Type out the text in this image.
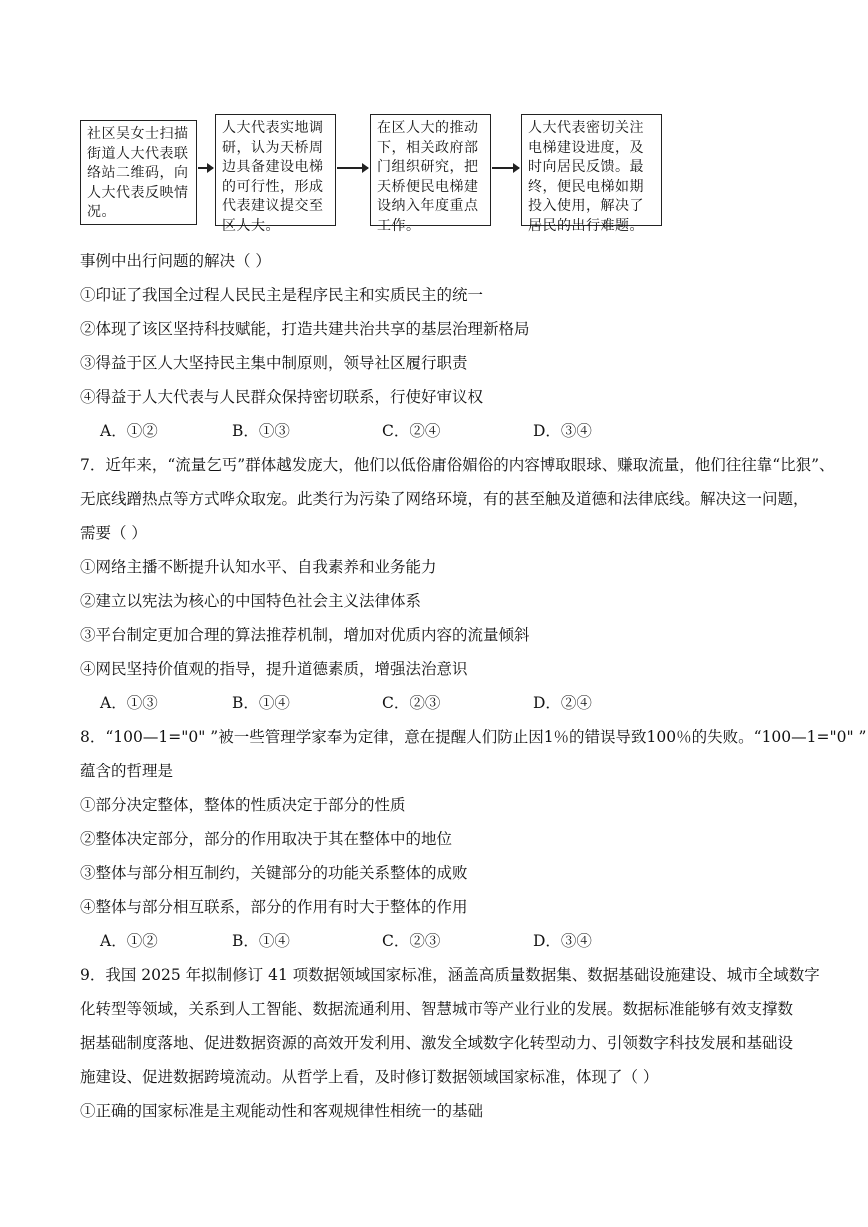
社区吴女士扫描街道人大代表联络站二维码，向人大代表反映情况。
人大代表实地调研，认为天桥周边具备建设电梯的可行性，形成代表建议提交至区人大。
在区人大的推动下，相关政府部门组织研究，把天桥便民电梯建设纳入年度重点工作。
人大代表密切关注电梯建设进度，及时向居民反馈。最终，便民电梯如期投入使用，解决了居民的出行难题。
事例中出行问题的解决（ ）
①印证了我国全过程人民民主是程序民主和实质民主的统一
②体现了该区坚持科技赋能，打造共建共治共享的基层治理新格局
③得益于区人大坚持民主集中制原则，领导社区履行职责
④得益于人大代表与人民群众保持密切联系，行使好审议权
A．①②	B．①③	C．②④	D．③④
7．近年来，“流量乞丐”群体越发庞大，他们以低俗庸俗媚俗的内容博取眼球、赚取流量，他们往往靠“比狠”、
无底线蹭热点等方式哗众取宠。此类行为污染了网络环境，有的甚至触及道德和法律底线。解决这一问题，
需要（ ）
①网络主播不断提升认知水平、自我素养和业务能力
②建立以宪法为核心的中国特色社会主义法律体系
③平台制定更加合理的算法推荐机制，增加对优质内容的流量倾斜
④网民坚持价值观的指导，提升道德素质，增强法治意识
A．①③	B．①④	C．②③	D．②④
8．“100—1="0" ”被一些管理学家奉为定律，意在提醒人们防止因1％的错误导致100％的失败。“100—1="0" ”
蕴含的哲理是
①部分决定整体，整体的性质决定于部分的性质
②整体决定部分，部分的作用取决于其在整体中的地位
③整体与部分相互制约，关键部分的功能关系整体的成败
④整体与部分相互联系，部分的作用有时大于整体的作用
A．①②	B．①④	C．②③	D．③④
9．我国 2025 年拟制修订 41 项数据领域国家标准，涵盖高质量数据集、数据基础设施建设、城市全域数字
化转型等领域，关系到人工智能、数据流通利用、智慧城市等产业行业的发展。数据标准能够有效支撑数
据基础制度落地、促进数据资源的高效开发利用、激发全域数字化转型动力、引领数字科技发展和基础设
施建设、促进数据跨境流动。从哲学上看，及时修订数据领域国家标准，体现了（ ）
①正确的国家标准是主观能动性和客观规律性相统一的基础
